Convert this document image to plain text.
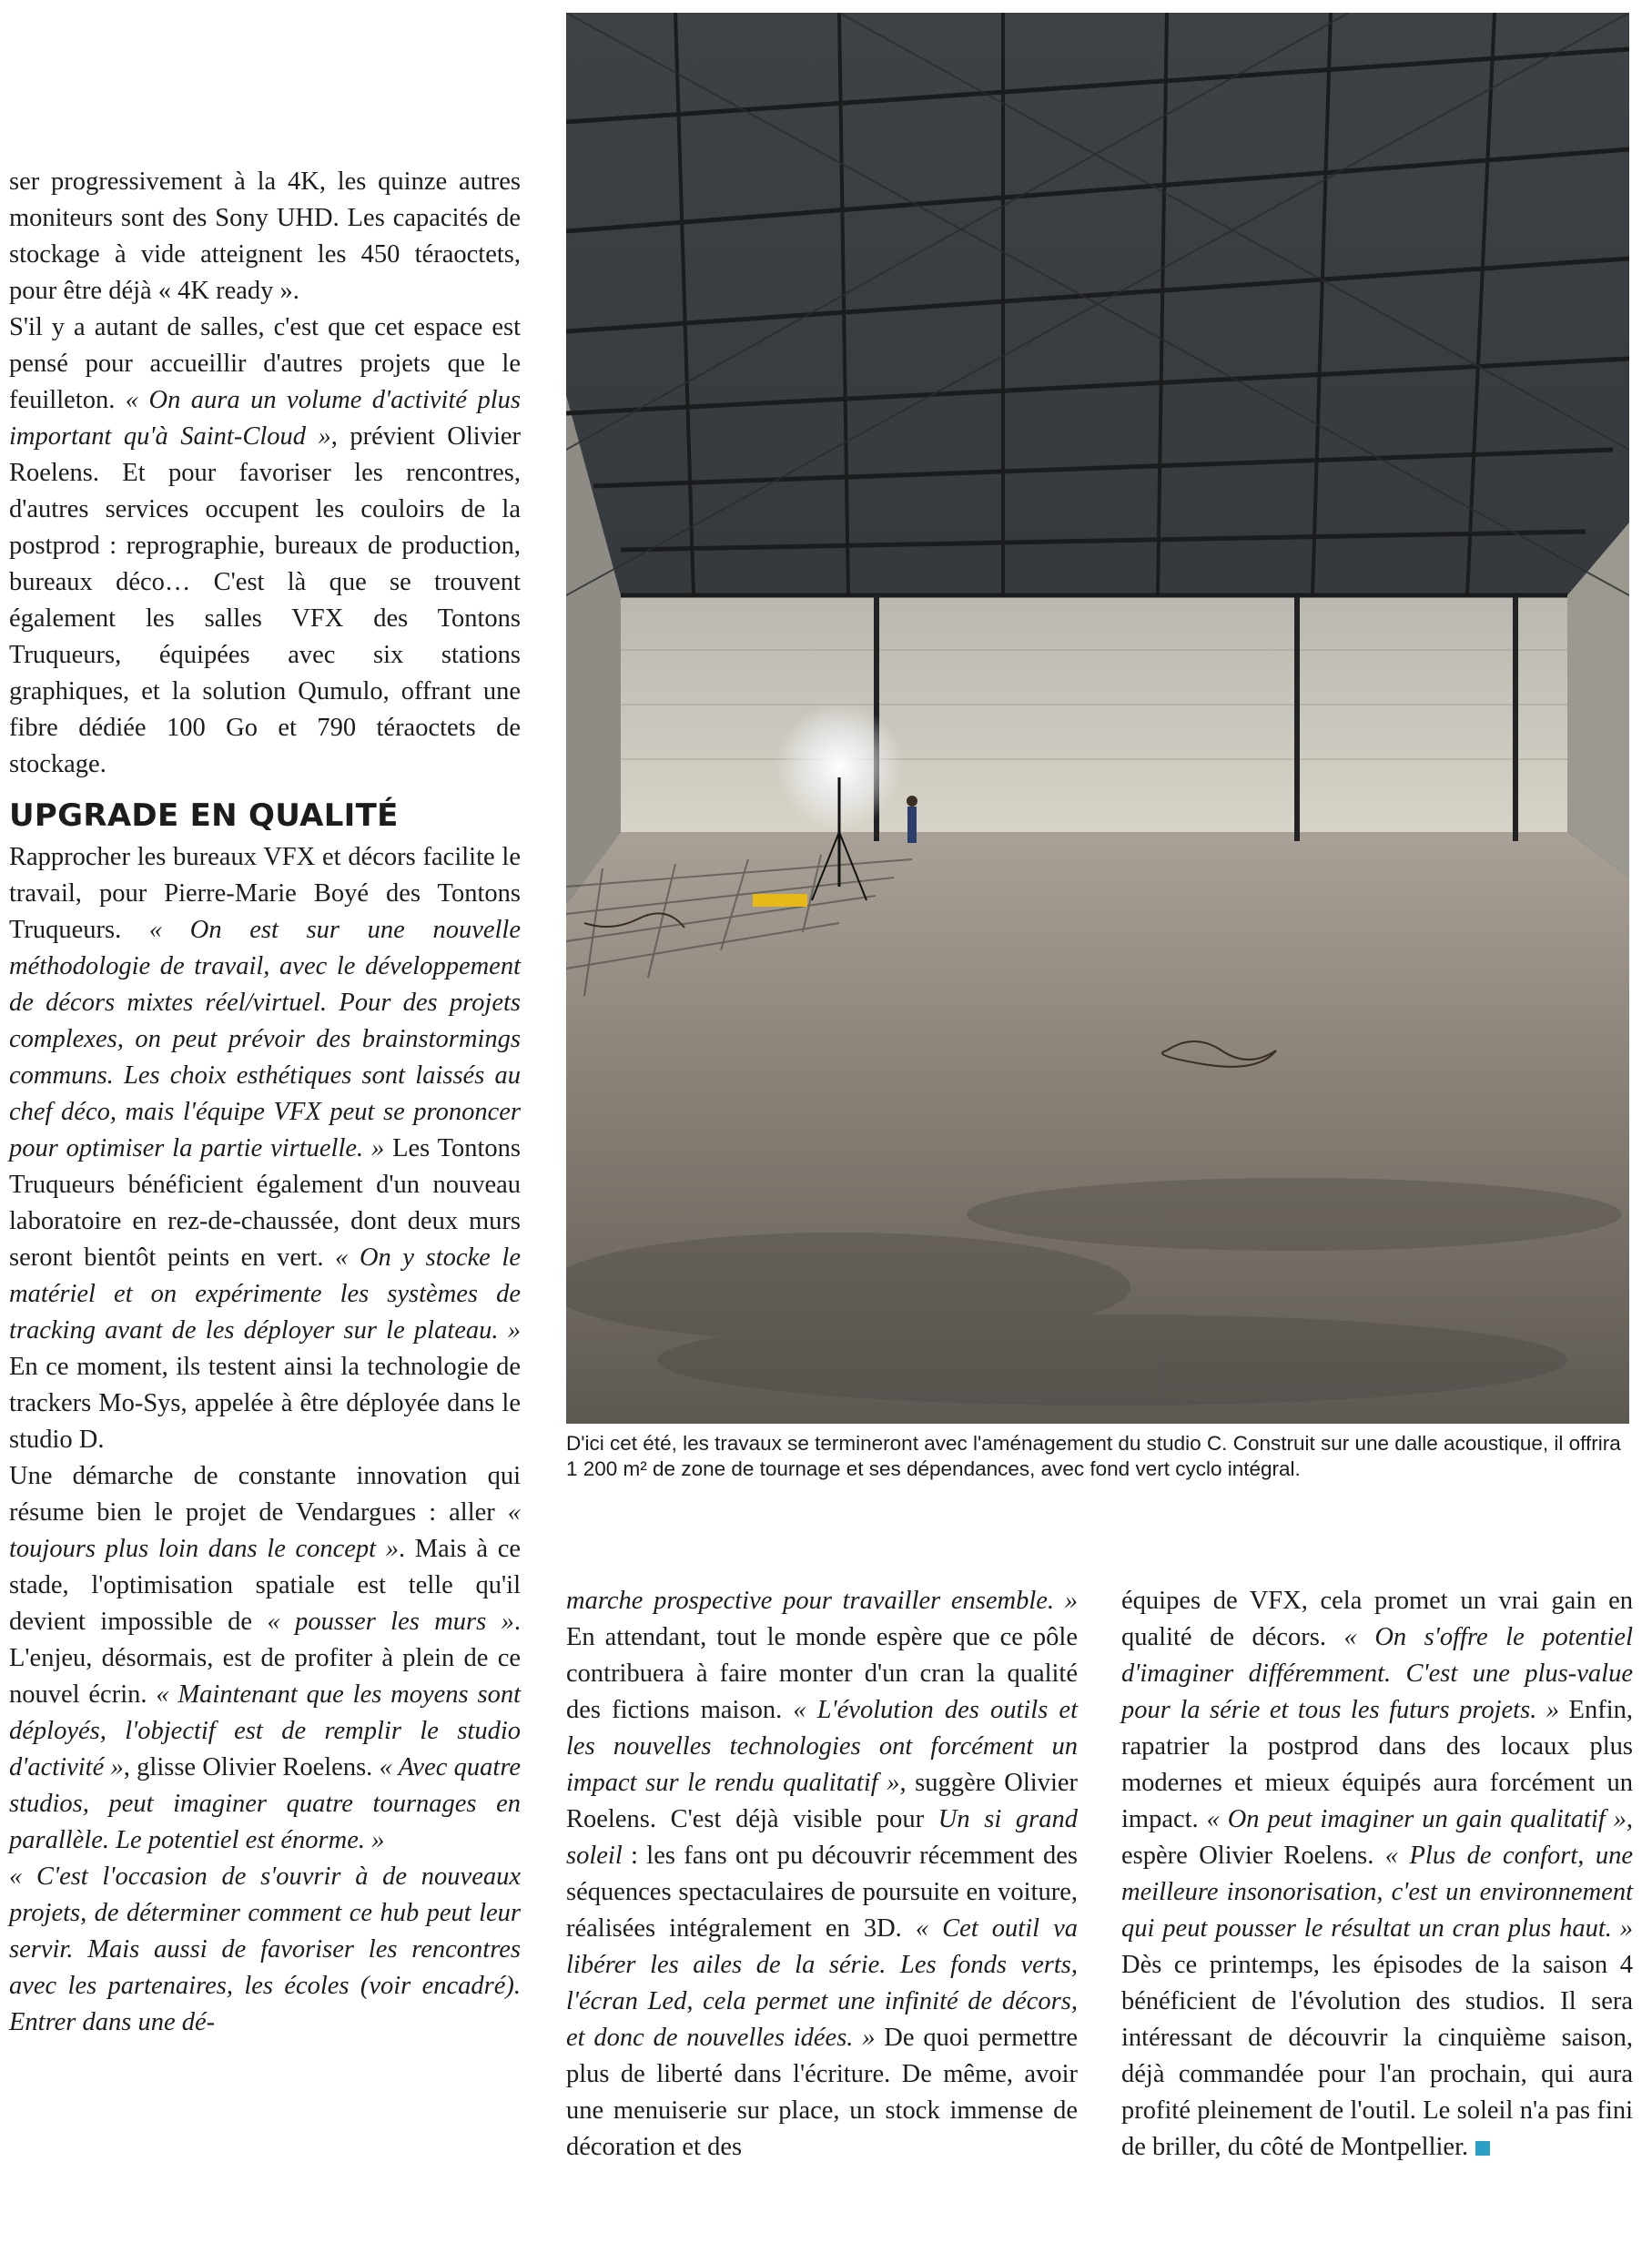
ser progressivement à la 4K, les quinze autres moniteurs sont des Sony UHD. Les capacités de stockage à vide atteignent les 450 téraoctets, pour être déjà « 4K ready ».

S'il y a autant de salles, c'est que cet espace est pensé pour accueillir d'autres projets que le feuilleton. « On aura un volume d'activité plus important qu'à Saint-Cloud », prévient Olivier Roelens. Et pour favoriser les rencontres, d'autres services occupent les couloirs de la postprod : reprographie, bureaux de production, bureaux déco… C'est là que se trouvent également les salles VFX des Tontons Truqueurs, équipées avec six stations graphiques, et la solution Qumulo, offrant une fibre dédiée 100 Go et 790 téraoctets de stockage.

UPGRADE EN QUALITÉ

Rapprocher les bureaux VFX et décors facilite le travail, pour Pierre-Marie Boyé des Tontons Truqueurs. « On est sur une nouvelle méthodologie de travail, avec le développement de décors mixtes réel/virtuel. Pour des projets complexes, on peut prévoir des brainstormings communs. Les choix esthétiques sont laissés au chef déco, mais l'équipe VFX peut se prononcer pour optimiser la partie virtuelle. » Les Tontons Truqueurs bénéficient également d'un nouveau laboratoire en rez-de-chaussée, dont deux murs seront bientôt peints en vert. « On y stocke le matériel et on expérimente les systèmes de tracking avant de les déployer sur le plateau. » En ce moment, ils testent ainsi la technologie de trackers Mo-Sys, appelée à être déployée dans le studio D.

Une démarche de constante innovation qui résume bien le projet de Vendargues : aller « toujours plus loin dans le concept ». Mais à ce stade, l'optimisation spatiale est telle qu'il devient impossible de « pousser les murs ». L'enjeu, désormais, est de profiter à plein de ce nouvel écrin. « Maintenant que les moyens sont déployés, l'objectif est de remplir le studio d'activité », glisse Olivier Roelens. « Avec quatre studios, peut imaginer quatre tournages en parallèle. Le potentiel est énorme. »

« C'est l'occasion de s'ouvrir à de nouveaux projets, de déterminer comment ce hub peut leur servir. Mais aussi de favoriser les rencontres avec les partenaires, les écoles (voir encadré). Entrer dans une dé-

D'ici cet été, les travaux se termineront avec l'aménagement du studio C. Construit sur une dalle acoustique, il offrira 1 200 m² de zone de tournage et ses dépendances, avec fond vert cyclo intégral.

marche prospective pour travailler ensemble. » En attendant, tout le monde espère que ce pôle contribuera à faire monter d'un cran la qualité des fictions maison. « L'évolution des outils et les nouvelles technologies ont forcément un impact sur le rendu qualitatif », suggère Olivier Roelens. C'est déjà visible pour Un si grand soleil : les fans ont pu découvrir récemment des séquences spectaculaires de poursuite en voiture, réalisées intégralement en 3D. « Cet outil va libérer les ailes de la série. Les fonds verts, l'écran Led, cela permet une infinité de décors, et donc de nouvelles idées. » De quoi permettre plus de liberté dans l'écriture. De même, avoir une menuiserie sur place, un stock immense de décoration et des

équipes de VFX, cela promet un vrai gain en qualité de décors. « On s'offre le potentiel d'imaginer différemment. C'est une plus-value pour la série et tous les futurs projets. » Enfin, rapatrier la postprod dans des locaux plus modernes et mieux équipés aura forcément un impact. « On peut imaginer un gain qualitatif », espère Olivier Roelens. « Plus de confort, une meilleure insonorisation, c'est un environnement qui peut pousser le résultat un cran plus haut. » Dès ce printemps, les épisodes de la saison 4 bénéficient de l'évolution des studios. Il sera intéressant de découvrir la cinquième saison, déjà commandée pour l'an prochain, qui aura profité pleinement de l'outil. Le soleil n'a pas fini de briller, du côté de Montpellier.
